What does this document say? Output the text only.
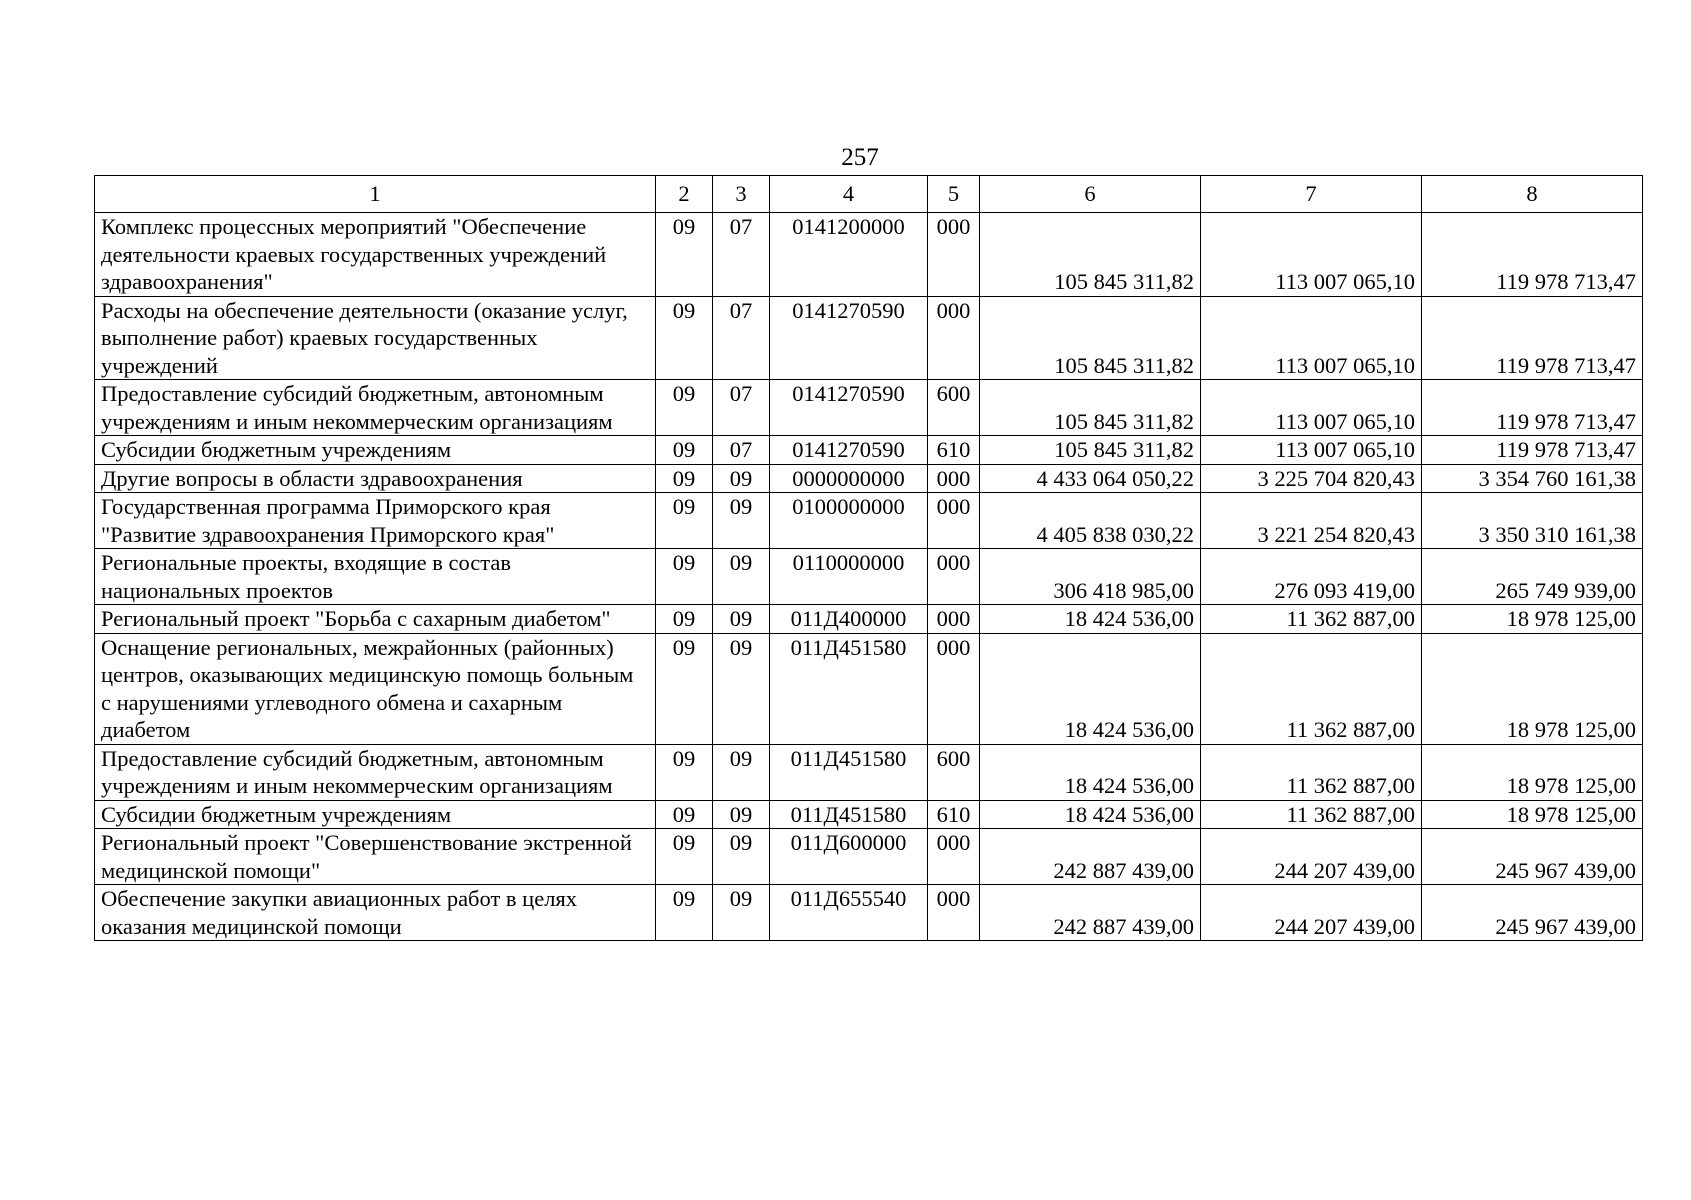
257
1	2	3	4	5	6	7	8
Комплекс процессных мероприятий "Обеспечение деятельности краевых государственных учреждений здравоохранения"	09	07	0141200000	000	105 845 311,82	113 007 065,10	119 978 713,47
Расходы на обеспечение деятельности (оказание услуг, выполнение работ) краевых государственных учреждений	09	07	0141270590	000	105 845 311,82	113 007 065,10	119 978 713,47
Предоставление субсидий бюджетным, автономным учреждениям и иным некоммерческим организациям	09	07	0141270590	600	105 845 311,82	113 007 065,10	119 978 713,47
Субсидии бюджетным учреждениям	09	07	0141270590	610	105 845 311,82	113 007 065,10	119 978 713,47
Другие вопросы в области здравоохранения	09	09	0000000000	000	4 433 064 050,22	3 225 704 820,43	3 354 760 161,38
Государственная программа Приморского края "Развитие здравоохранения Приморского края"	09	09	0100000000	000	4 405 838 030,22	3 221 254 820,43	3 350 310 161,38
Региональные проекты, входящие в состав национальных проектов	09	09	0110000000	000	306 418 985,00	276 093 419,00	265 749 939,00
Региональный проект "Борьба с сахарным диабетом"	09	09	011Д400000	000	18 424 536,00	11 362 887,00	18 978 125,00
Оснащение региональных, межрайонных (районных) центров, оказывающих медицинскую помощь больным с нарушениями углеводного обмена и сахарным диабетом	09	09	011Д451580	000	18 424 536,00	11 362 887,00	18 978 125,00
Предоставление субсидий бюджетным, автономным учреждениям и иным некоммерческим организациям	09	09	011Д451580	600	18 424 536,00	11 362 887,00	18 978 125,00
Субсидии бюджетным учреждениям	09	09	011Д451580	610	18 424 536,00	11 362 887,00	18 978 125,00
Региональный проект "Совершенствование экстренной медицинской помощи"	09	09	011Д600000	000	242 887 439,00	244 207 439,00	245 967 439,00
Обеспечение закупки авиационных работ в целях оказания медицинской помощи	09	09	011Д655540	000	242 887 439,00	244 207 439,00	245 967 439,00
